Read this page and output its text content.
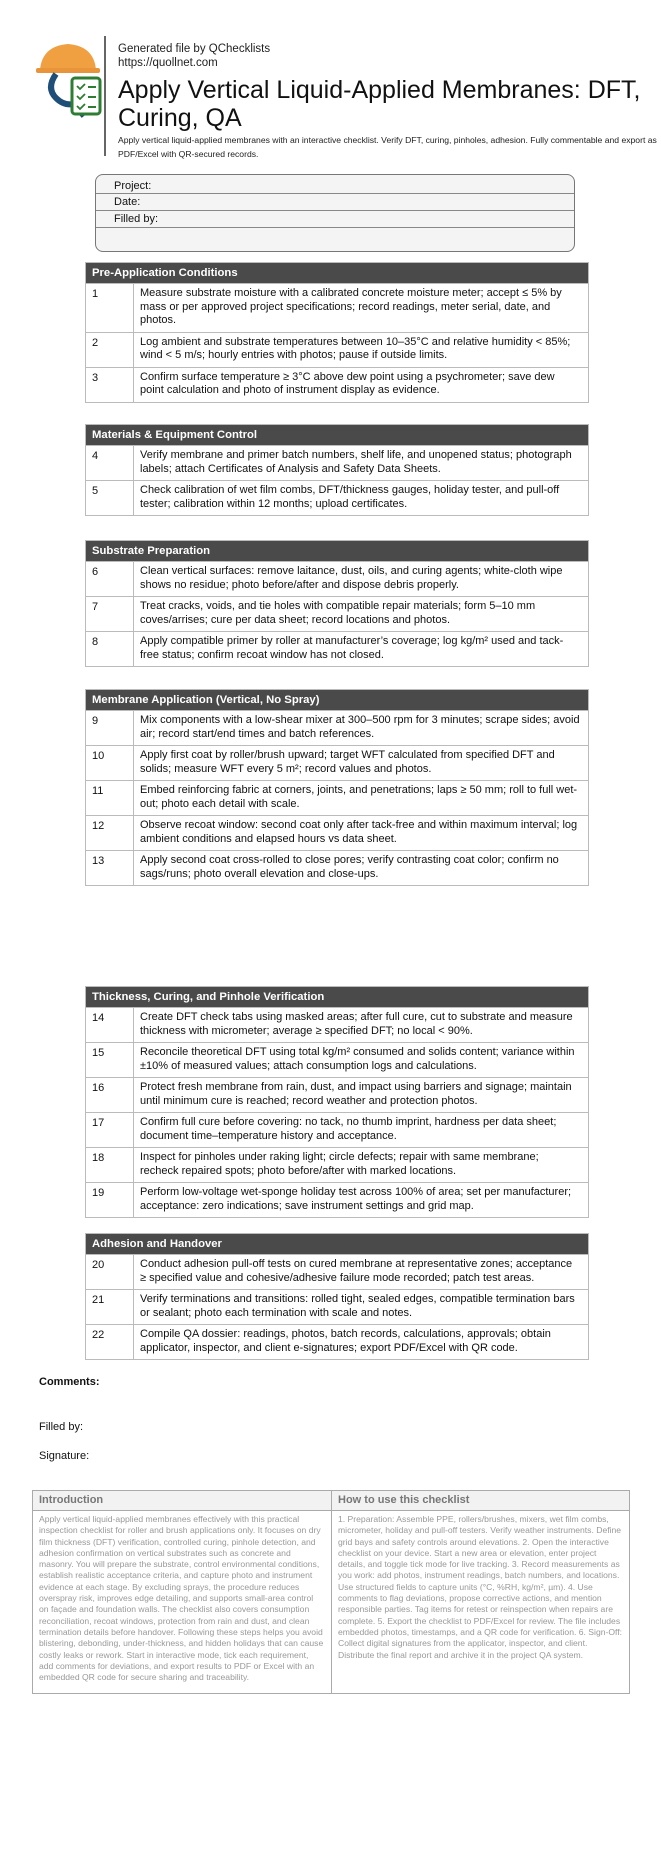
Generated file by QChecklists
https://quollnet.com
Apply Vertical Liquid-Applied Membranes: DFT, Curing, QA
Apply vertical liquid-applied membranes with an interactive checklist. Verify DFT, curing, pinholes, adhesion. Fully commentable and export as PDF/Excel with QR-secured records.
Project:
Date:
Filled by:
Pre-Application Conditions
1	Measure substrate moisture with a calibrated concrete moisture meter; accept ≤ 5% by mass or per approved project specifications; record readings, meter serial, date, and photos.
2	Log ambient and substrate temperatures between 10–35°C and relative humidity < 85%; wind < 5 m/s; hourly entries with photos; pause if outside limits.
3	Confirm surface temperature ≥ 3°C above dew point using a psychrometer; save dew point calculation and photo of instrument display as evidence.
Materials & Equipment Control
4	Verify membrane and primer batch numbers, shelf life, and unopened status; photograph labels; attach Certificates of Analysis and Safety Data Sheets.
5	Check calibration of wet film combs, DFT/thickness gauges, holiday tester, and pull-off tester; calibration within 12 months; upload certificates.
Substrate Preparation
6	Clean vertical surfaces: remove laitance, dust, oils, and curing agents; white-cloth wipe shows no residue; photo before/after and dispose debris properly.
7	Treat cracks, voids, and tie holes with compatible repair materials; form 5–10 mm coves/arrises; cure per data sheet; record locations and photos.
8	Apply compatible primer by roller at manufacturer’s coverage; log kg/m² used and tack-free status; confirm recoat window has not closed.
Membrane Application (Vertical, No Spray)
9	Mix components with a low-shear mixer at 300–500 rpm for 3 minutes; scrape sides; avoid air; record start/end times and batch references.
10	Apply first coat by roller/brush upward; target WFT calculated from specified DFT and solids; measure WFT every 5 m²; record values and photos.
11	Embed reinforcing fabric at corners, joints, and penetrations; laps ≥ 50 mm; roll to full wet-out; photo each detail with scale.
12	Observe recoat window: second coat only after tack-free and within maximum interval; log ambient conditions and elapsed hours vs data sheet.
13	Apply second coat cross-rolled to close pores; verify contrasting coat color; confirm no sags/runs; photo overall elevation and close-ups.
Thickness, Curing, and Pinhole Verification
14	Create DFT check tabs using masked areas; after full cure, cut to substrate and measure thickness with micrometer; average ≥ specified DFT; no local < 90%.
15	Reconcile theoretical DFT using total kg/m² consumed and solids content; variance within ±10% of measured values; attach consumption logs and calculations.
16	Protect fresh membrane from rain, dust, and impact using barriers and signage; maintain until minimum cure is reached; record weather and protection photos.
17	Confirm full cure before covering: no tack, no thumb imprint, hardness per data sheet; document time–temperature history and acceptance.
18	Inspect for pinholes under raking light; circle defects; repair with same membrane; recheck repaired spots; photo before/after with marked locations.
19	Perform low-voltage wet-sponge holiday test across 100% of area; set per manufacturer; acceptance: zero indications; save instrument settings and grid map.
Adhesion and Handover
20	Conduct adhesion pull-off tests on cured membrane at representative zones; acceptance ≥ specified value and cohesive/adhesive failure mode recorded; patch test areas.
21	Verify terminations and transitions: rolled tight, sealed edges, compatible termination bars or sealant; photo each termination with scale and notes.
22	Compile QA dossier: readings, photos, batch records, calculations, approvals; obtain applicator, inspector, and client e-signatures; export PDF/Excel with QR code.
Comments:
Filled by:
Signature:
Introduction
Apply vertical liquid-applied membranes effectively with this practical inspection checklist for roller and brush applications only. It focuses on dry film thickness (DFT) verification, controlled curing, pinhole detection, and adhesion confirmation on vertical substrates such as concrete and masonry. You will prepare the substrate, control environmental conditions, establish realistic acceptance criteria, and capture photo and instrument evidence at each stage. By excluding sprays, the procedure reduces overspray risk, improves edge detailing, and supports small-area control on façade and foundation walls. The checklist also covers consumption reconciliation, recoat windows, protection from rain and dust, and clean termination details before handover. Following these steps helps you avoid blistering, debonding, under-thickness, and hidden holidays that can cause costly leaks or rework. Start in interactive mode, tick each requirement, add comments for deviations, and export results to PDF or Excel with an embedded QR code for secure sharing and traceability.
How to use this checklist
1. Preparation: Assemble PPE, rollers/brushes, mixers, wet film combs, micrometer, holiday and pull-off testers. Verify weather instruments. Define grid bays and safety controls around elevations. 2. Open the interactive checklist on your device. Start a new area or elevation, enter project details, and toggle tick mode for live tracking. 3. Record measurements as you work: add photos, instrument readings, batch numbers, and locations. Use structured fields to capture units (°C, %RH, kg/m², µm). 4. Use comments to flag deviations, propose corrective actions, and mention responsible parties. Tag items for retest or reinspection when repairs are complete. 5. Export the checklist to PDF/Excel for review. The file includes embedded photos, timestamps, and a QR code for verification. 6. Sign-Off: Collect digital signatures from the applicator, inspector, and client. Distribute the final report and archive it in the project QA system.
